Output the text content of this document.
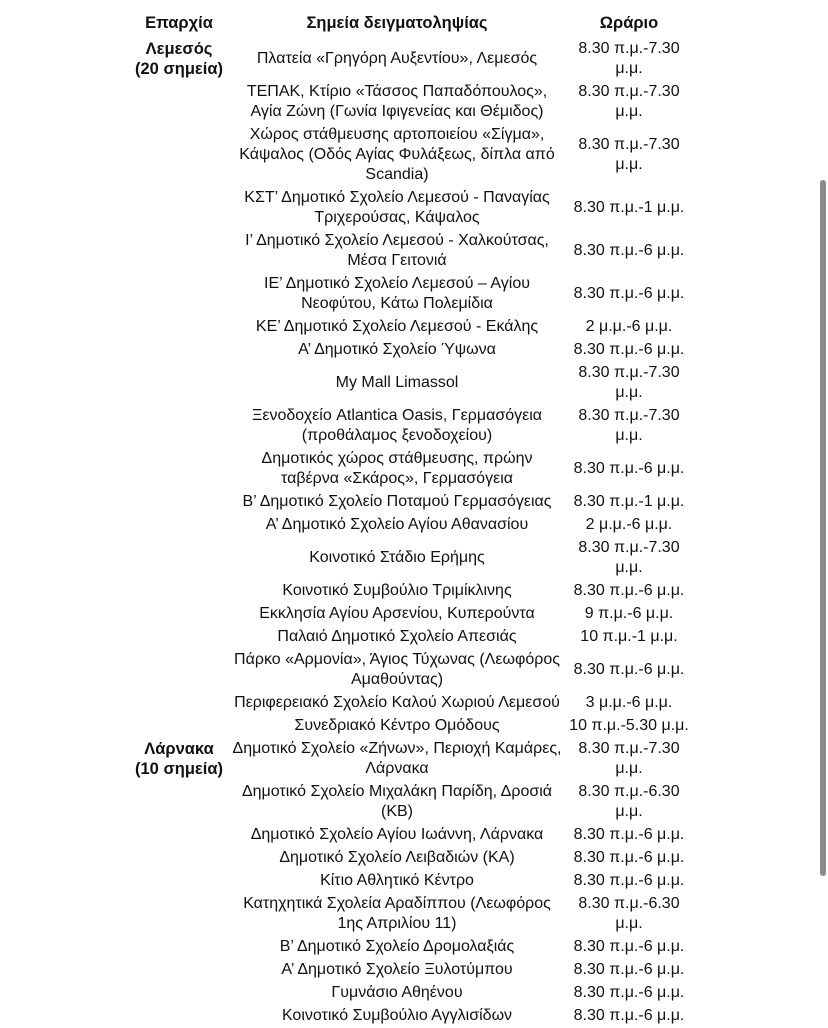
Επαρχία	Σημεία δειγματοληψίας	Ωράριο

Λεμεσός
(20 σημεία)	Πλατεία «Γρηγόρη Αυξεντίου», Λεμεσός	8.30 π.μ.-7.30 μ.μ.
	ΤΕΠΑΚ, Κτίριο «Τάσσος Παπαδόπουλος», Αγία Ζώνη (Γωνία Ιφιγενείας και Θέμιδος)	8.30 π.μ.-7.30 μ.μ.
	Χώρος στάθμευσης αρτοποιείου «Σίγμα», Κάψαλος (Οδός Αγίας Φυλάξεως, δίπλα από Scandia)	8.30 π.μ.-7.30 μ.μ.
	ΚΣΤ’ Δημοτικό Σχολείο Λεμεσού - Παναγίας Τριχερούσας, Κάψαλος	8.30 π.μ.-1 μ.μ.
	Ι’ Δημοτικό Σχολείο Λεμεσού - Χαλκούτσας, Μέσα Γειτονιά	8.30 π.μ.-6 μ.μ.
	ΙΕ’ Δημοτικό Σχολείο Λεμεσού – Αγίου Νεοφύτου, Κάτω Πολεμίδια	8.30 π.μ.-6 μ.μ.
	ΚΕ’ Δημοτικό Σχολείο Λεμεσού - Εκάλης	2 μ.μ.-6 μ.μ.
	Α’ Δημοτικό Σχολείο Ύψωνα	8.30 π.μ.-6 μ.μ.
	My Mall Limassol	8.30 π.μ.-7.30 μ.μ.
	Ξενοδοχείο Atlantica Oasis, Γερμασόγεια (προθάλαμος ξενοδοχείου)	8.30 π.μ.-7.30 μ.μ.
	Δημοτικός χώρος στάθμευσης, πρώην ταβέρνα «Σκάρος», Γερμασόγεια	8.30 π.μ.-6 μ.μ.
	Β’ Δημοτικό Σχολείο Ποταμού Γερμασόγειας	8.30 π.μ.-1 μ.μ.
	Α’ Δημοτικό Σχολείο Αγίου Αθανασίου	2 μ.μ.-6 μ.μ.
	Κοινοτικό Στάδιο Ερήμης	8.30 π.μ.-7.30 μ.μ.
	Κοινοτικό Συμβούλιο Τριμίκλινης	8.30 π.μ.-6 μ.μ.
	Εκκλησία Αγίου Αρσενίου, Κυπερούντα	9 π.μ.-6 μ.μ.
	Παλαιό Δημοτικό Σχολείο Απεσιάς	10 π.μ.-1 μ.μ.
	Πάρκο «Αρμονία», Άγιος Τύχωνας (Λεωφόρος Αμαθούντας)	8.30 π.μ.-6 μ.μ.
	Περιφερειακό Σχολείο Καλού Χωριού Λεμεσού	3 μ.μ.-6 μ.μ.
	Συνεδριακό Κέντρο Ομόδους	10 π.μ.-5.30 μ.μ.

Λάρνακα
(10 σημεία)	Δημοτικό Σχολείο «Ζήνων», Περιοχή Καμάρες, Λάρνακα	8.30 π.μ.-7.30 μ.μ.
	Δημοτικό Σχολείο Μιχαλάκη Παρίδη, Δροσιά (ΚΒ)	8.30 π.μ.-6.30 μ.μ.
	Δημοτικό Σχολείο Αγίου Ιωάννη, Λάρνακα	8.30 π.μ.-6 μ.μ.
	Δημοτικό Σχολείο Λειβαδιών (ΚΑ)	8.30 π.μ.-6 μ.μ.
	Κίτιο Αθλητικό Κέντρο	8.30 π.μ.-6 μ.μ.
	Κατηχητικά Σχολεία Αραδίππου (Λεωφόρος 1ης Απριλίου 11)	8.30 π.μ.-6.30 μ.μ.
	Β’ Δημοτικό Σχολείο Δρομολαξιάς	8.30 π.μ.-6 μ.μ.
	Α’ Δημοτικό Σχολείο Ξυλοτύμπου	8.30 π.μ.-6 μ.μ.
	Γυμνάσιο Αθηένου	8.30 π.μ.-6 μ.μ.
	Κοινοτικό Συμβούλιο Αγγλισίδων	8.30 π.μ.-6 μ.μ.
